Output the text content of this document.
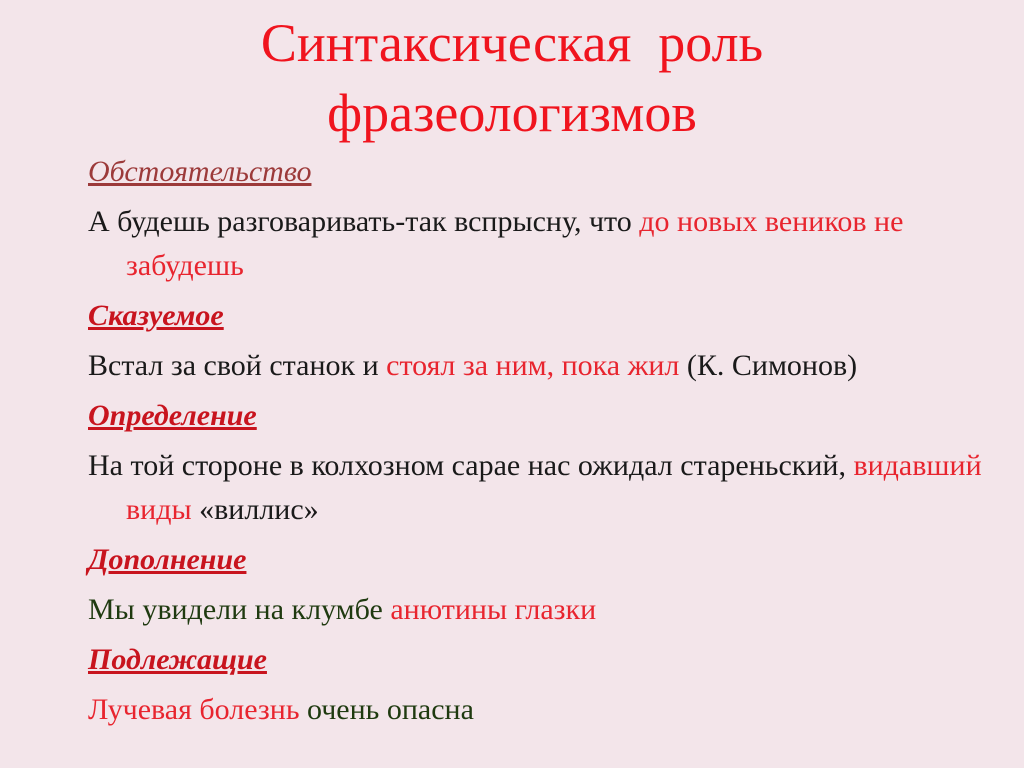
Синтаксическая  роль
фразеологизмов

Обстоятельство

А будешь разговаривать-так вспрысну, что до новых веников не забудешь

Сказуемое

Встал за свой станок и стоял за ним, пока жил (К. Симонов)

Определение

На той стороне в колхозном сарае нас ожидал стареньский, видавший виды «виллис»

Дополнение

Мы увидели на клумбе анютины глазки

Подлежащие

Лучевая болезнь очень опасна
